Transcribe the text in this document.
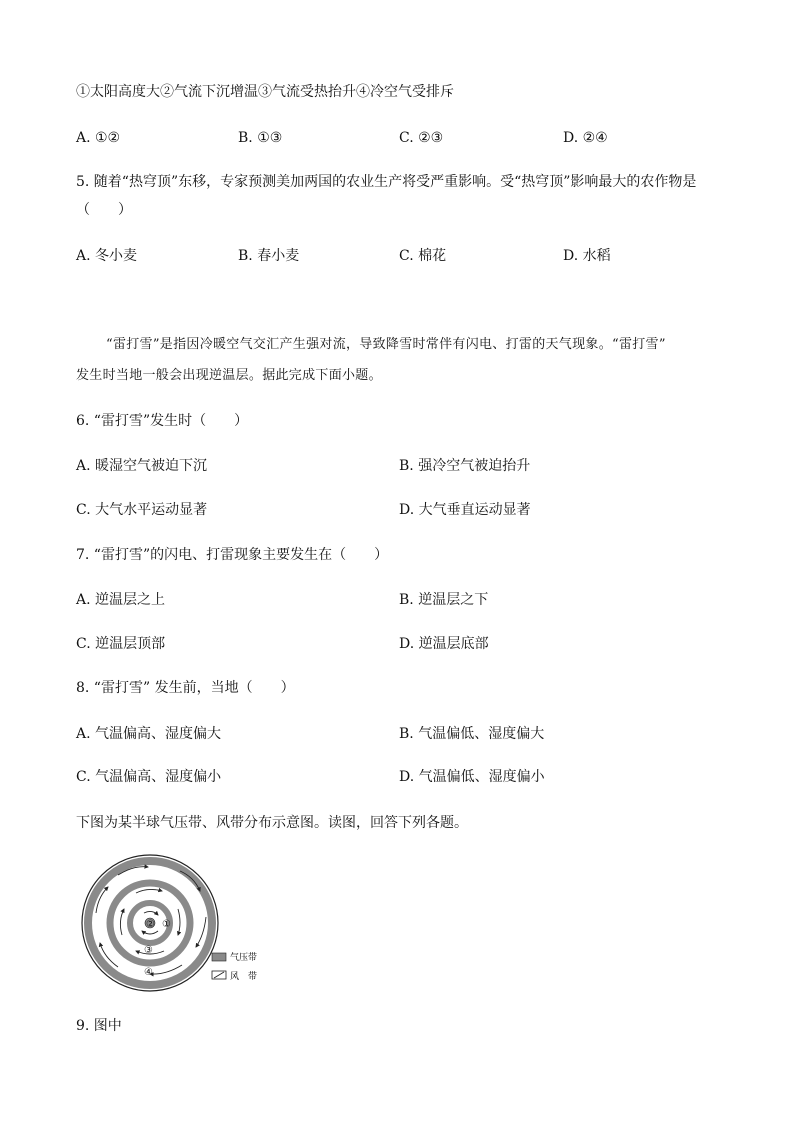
①太阳高度大②气流下沉增温③气流受热抬升④冷空气受排斥
A. ①②	B. ①③	C. ②③	D. ②④
5. 随着“热穹顶”东移，专家预测美加两国的农业生产将受严重影响。受“热穹顶”影响最大的农作物是
（　　）
A. 冬小麦	B. 春小麦	C. 棉花	D. 水稻
“雷打雪”是指因冷暖空气交汇产生强对流，导致降雪时常伴有闪电、打雷的天气现象。“雷打雪”
发生时当地一般会出现逆温层。据此完成下面小题。
6. “雷打雪”发生时（　　）
A. 暖湿空气被迫下沉	B. 强冷空气被迫抬升
C. 大气水平运动显著	D. 大气垂直运动显著
7. “雷打雪”的闪电、打雷现象主要发生在（　　）
A. 逆温层之上	B. 逆温层之下
C. 逆温层顶部	D. 逆温层底部
8. “雷打雪” 发生前，当地（　　）
A. 气温偏高、湿度偏大	B. 气温偏低、湿度偏大
C. 气温偏高、湿度偏小	D. 气温偏低、湿度偏小
下图为某半球气压带、风带分布示意图。读图，回答下列各题。
①
②
③
④
气压带
风　带
9. 图中
